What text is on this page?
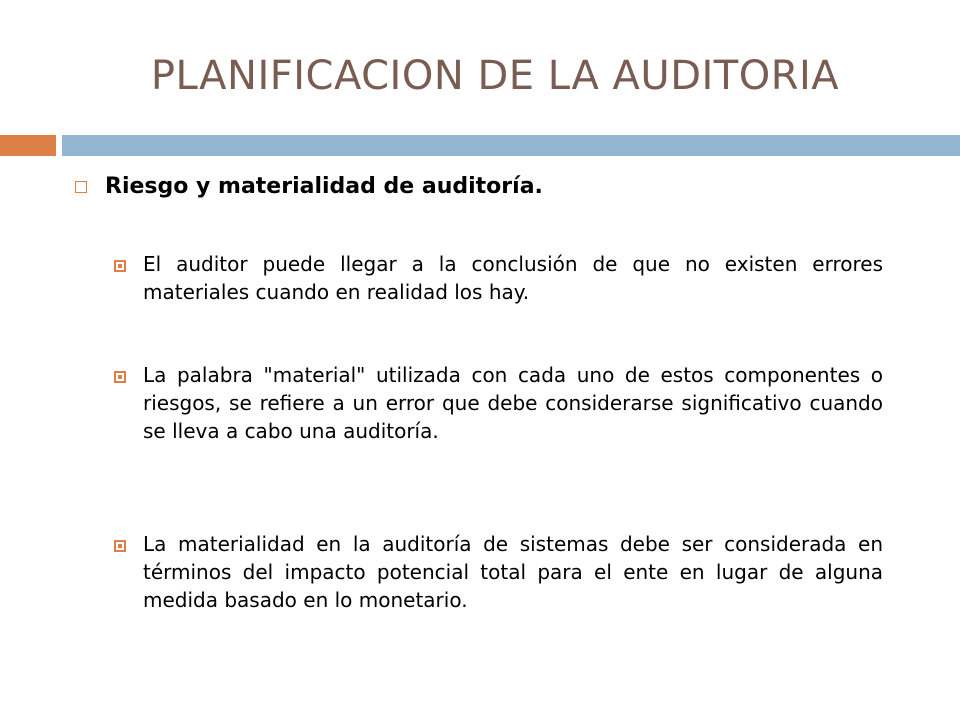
PLANIFICACION DE LA AUDITORIA
Riesgo y materialidad de auditoría.
El auditor puede llegar a la conclusión de que no existen errores materiales cuando en realidad los hay.
La palabra "material" utilizada con cada uno de estos componentes o riesgos, se refiere a un error que debe considerarse significativo cuando se lleva a cabo una auditoría.
La materialidad en la auditoría de sistemas debe ser considerada en términos del impacto potencial total para el ente en lugar de alguna medida basado en lo monetario.
